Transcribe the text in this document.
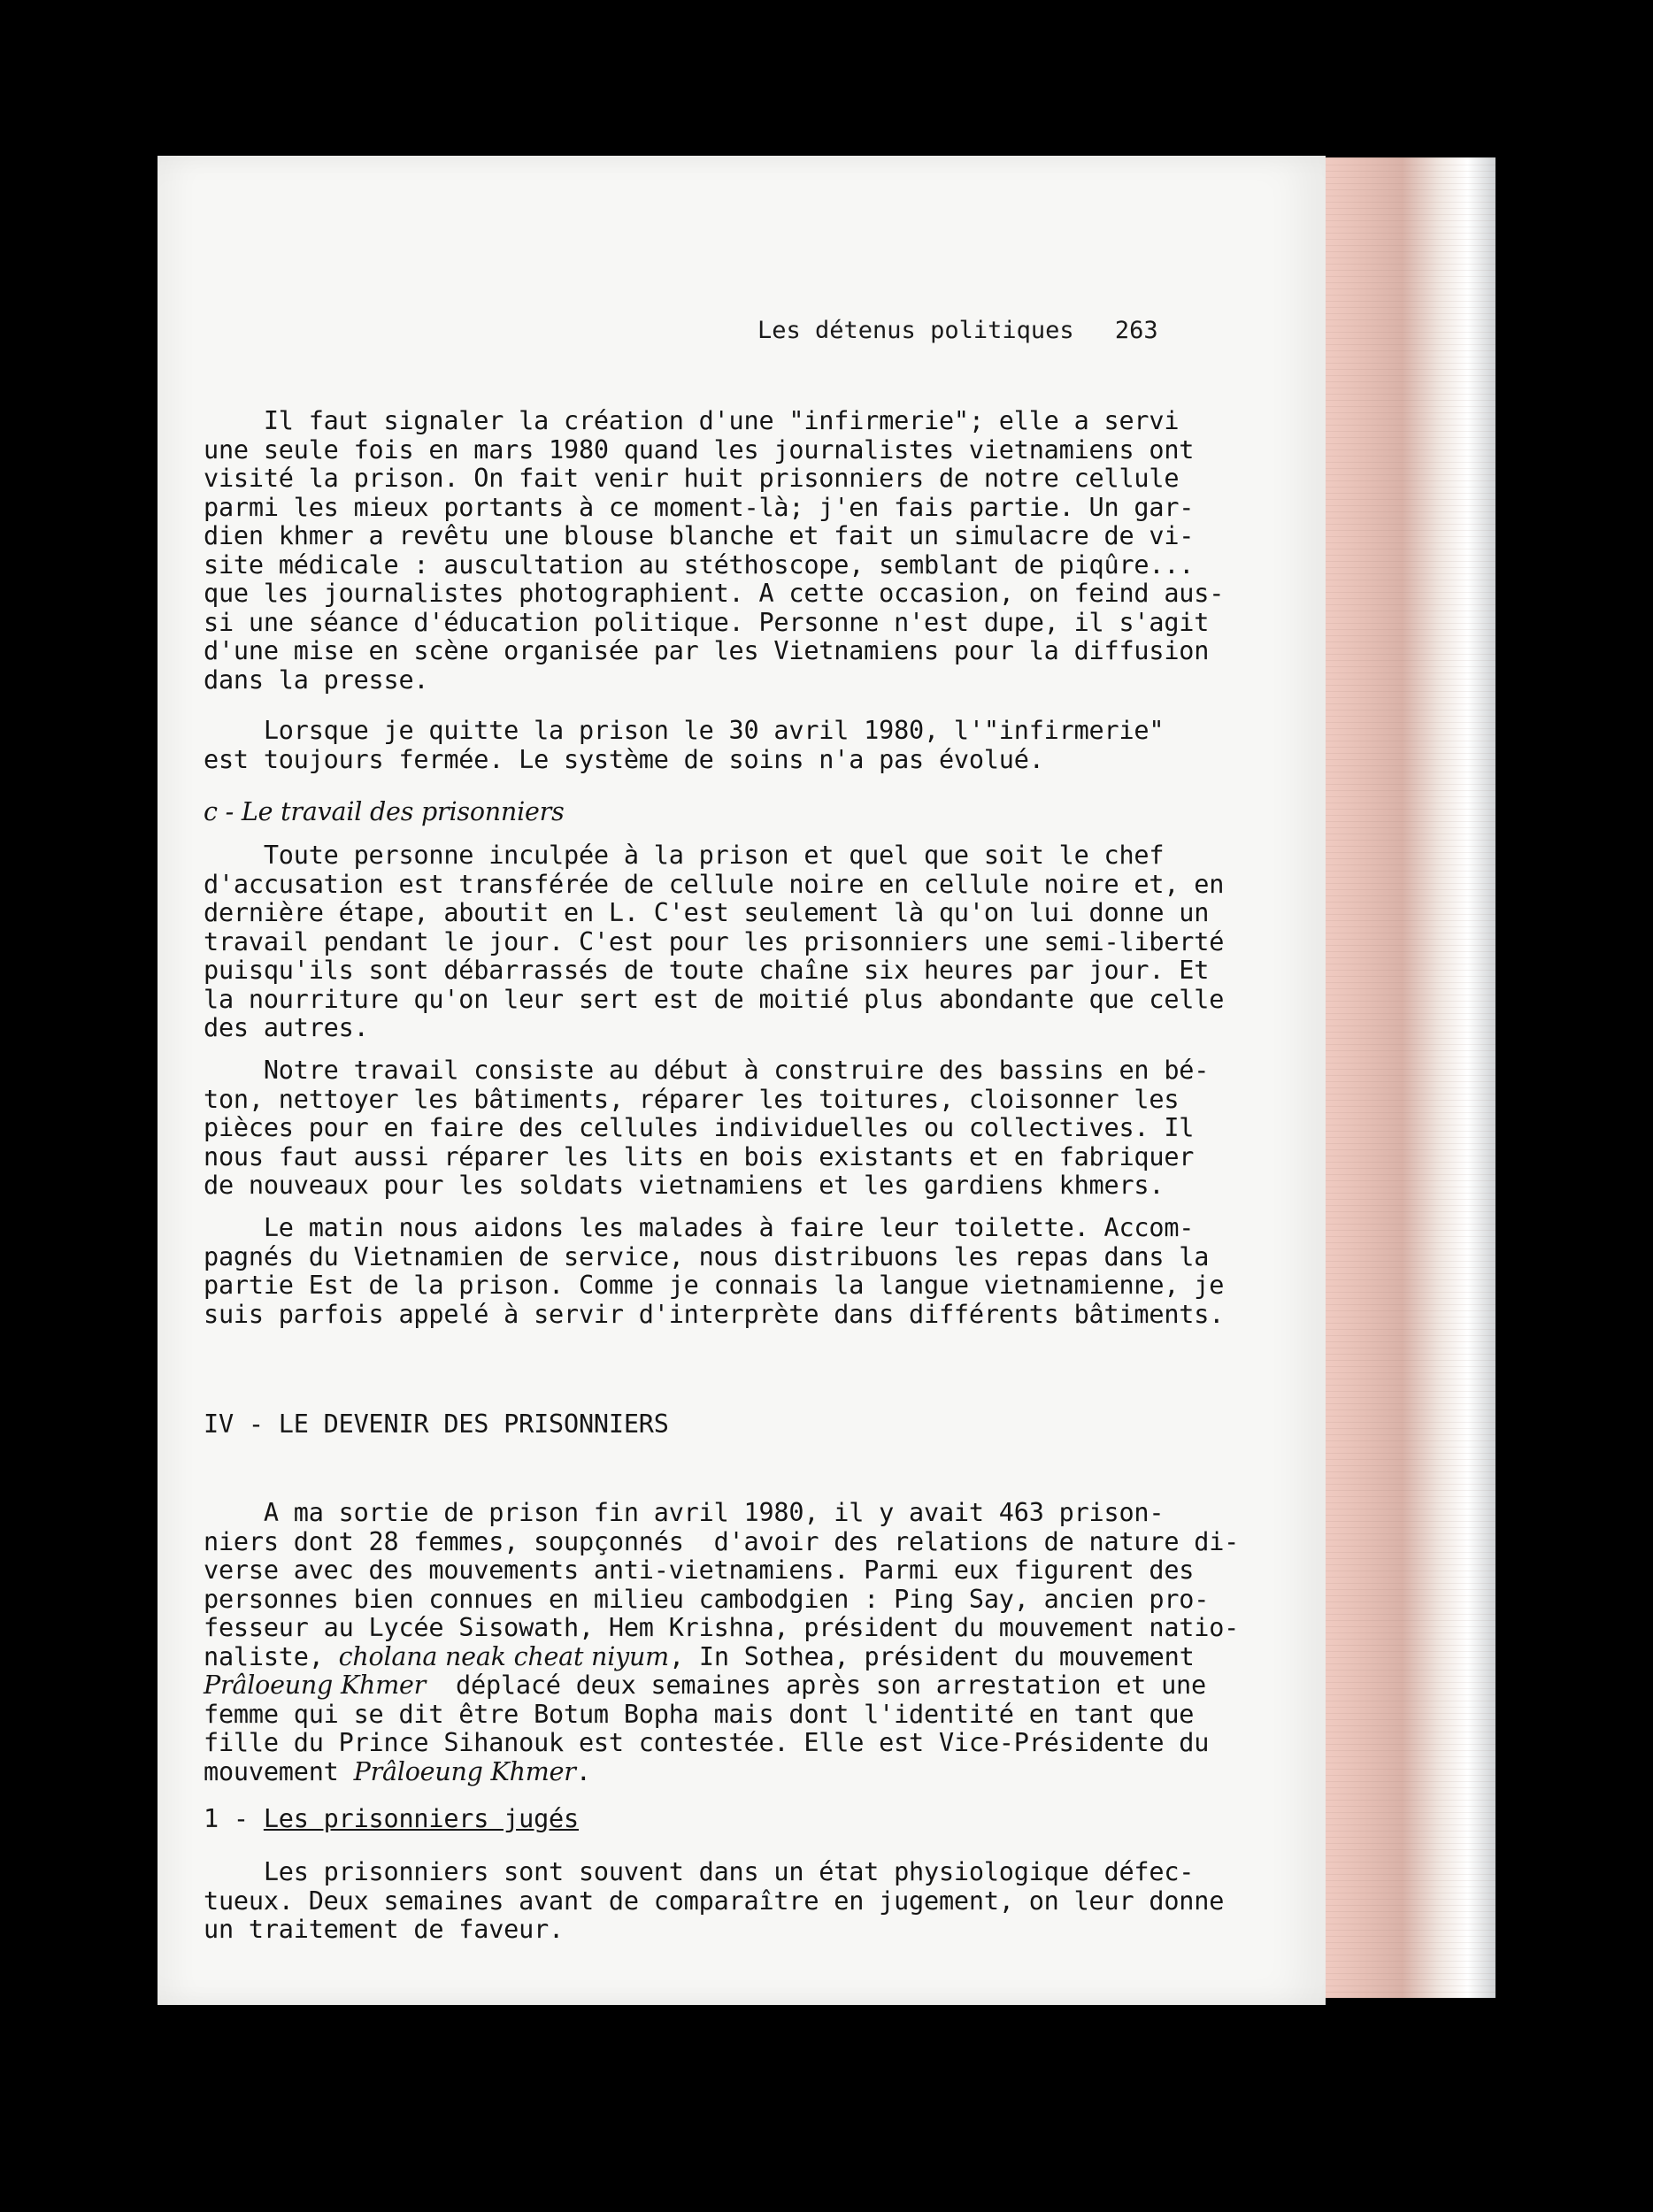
Les détenus politiques 263
Il faut signaler la création d'une "infirmerie"; elle a servi
une seule fois en mars 1980 quand les journalistes vietnamiens ont
visité la prison. On fait venir huit prisonniers de notre cellule
parmi les mieux portants à ce moment-là; j'en fais partie. Un gar-
dien khmer a revêtu une blouse blanche et fait un simulacre de vi-
site médicale : auscultation au stéthoscope, semblant de piqûre...
que les journalistes photographient. A cette occasion, on feind aus-
si une séance d'éducation politique. Personne n'est dupe, il s'agit
d'une mise en scène organisée par les Vietnamiens pour la diffusion
dans la presse.
Lorsque je quitte la prison le 30 avril 1980, l'"infirmerie"
est toujours fermée. Le système de soins n'a pas évolué.
c - Le travail des prisonniers
Toute personne inculpée à la prison et quel que soit le chef
d'accusation est transférée de cellule noire en cellule noire et, en
dernière étape, aboutit en L. C'est seulement là qu'on lui donne un
travail pendant le jour. C'est pour les prisonniers une semi-liberté
puisqu'ils sont débarrassés de toute chaîne six heures par jour. Et
la nourriture qu'on leur sert est de moitié plus abondante que celle
des autres.
Notre travail consiste au début à construire des bassins en bé-
ton, nettoyer les bâtiments, réparer les toitures, cloisonner les
pièces pour en faire des cellules individuelles ou collectives. Il
nous faut aussi réparer les lits en bois existants et en fabriquer
de nouveaux pour les soldats vietnamiens et les gardiens khmers.
Le matin nous aidons les malades à faire leur toilette. Accom-
pagnés du Vietnamien de service, nous distribuons les repas dans la
partie Est de la prison. Comme je connais la langue vietnamienne, je
suis parfois appelé à servir d'interprète dans différents bâtiments.
IV - LE DEVENIR DES PRISONNIERS
A ma sortie de prison fin avril 1980, il y avait 463 prison-
niers dont 28 femmes, soupçonnés  d'avoir des relations de nature di-
verse avec des mouvements anti-vietnamiens. Parmi eux figurent des
personnes bien connues en milieu cambodgien : Ping Say, ancien pro-
fesseur au Lycée Sisowath, Hem Krishna, président du mouvement natio-
naliste, cholana neak cheat niyum, In Sothea, président du mouvement
Prâloeung Khmer  déplacé deux semaines après son arrestation et une
femme qui se dit être Botum Bopha mais dont l'identité en tant que
fille du Prince Sihanouk est contestée. Elle est Vice-Présidente du
mouvement Prâloeung Khmer.
1 - Les prisonniers jugés
Les prisonniers sont souvent dans un état physiologique défec-
tueux. Deux semaines avant de comparaître en jugement, on leur donne
un traitement de faveur.
